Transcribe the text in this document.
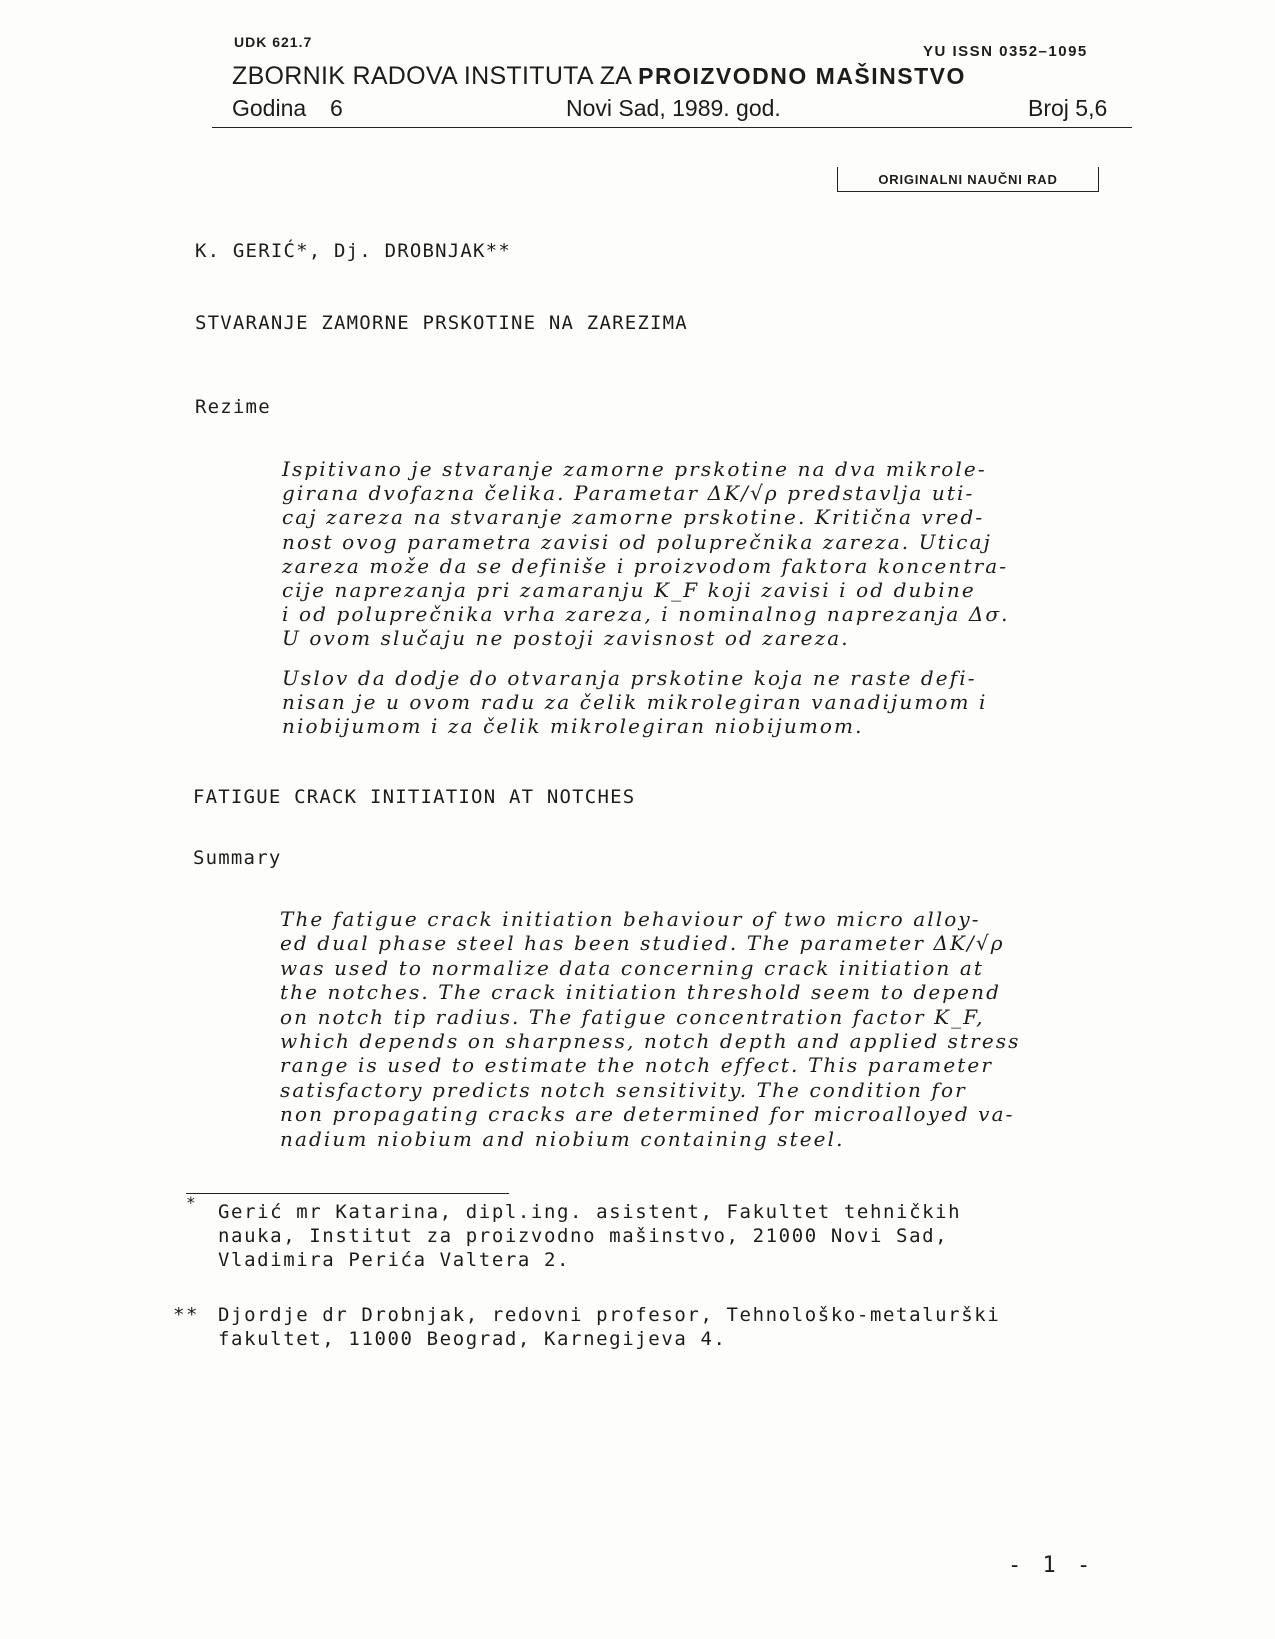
UDK 621.7
YU ISSN 0352–1095
ZBORNIK RADOVA INSTITUTA ZA PROIZVODNO MAŠINSTVO
Godina 6	Novi Sad, 1989. god.	Broj 5,6
ORIGINALNI NAUČNI RAD
K. GERIĆ*, Dj. DROBNJAK**
STVARANJE ZAMORNE PRSKOTINE NA ZAREZIMA
Rezime
Ispitivano je stvaranje zamorne prskotine na dva mikrole-
girana dvofazna čelika. Parametar ΔK/√ρ predstavlja uti-
caj zareza na stvaranje zamorne prskotine. Kritična vred-
nost ovog parametra zavisi od poluprečnika zareza. Uticaj
zareza može da se definiše i proizvodom faktora koncentra-
cije naprezanja pri zamaranju K_F koji zavisi i od dubine
i od poluprečnika vrha zareza, i nominalnog naprezanja Δσ.
U ovom slučaju ne postoji zavisnost od zareza.
Uslov da dodje do otvaranja prskotine koja ne raste defi-
nisan je u ovom radu za čelik mikrolegiran vanadijumom i
niobijumom i za čelik mikrolegiran niobijumom.
FATIGUE CRACK INITIATION AT NOTCHES
Summary
The fatigue crack initiation behaviour of two micro alloy-
ed dual phase steel has been studied. The parameter ΔK/√ρ
was used to normalize data concerning crack initiation at
the notches. The crack initiation threshold seem to depend
on notch tip radius. The fatigue concentration factor K_F,
which depends on sharpness, notch depth and applied stress
range is used to estimate the notch effect. This parameter
satisfactory predicts notch sensitivity. The condition for
non propagating cracks are determined for microalloyed va-
nadium niobium and niobium containing steel.
* Gerić mr Katarina, dipl.ing. asistent, Fakultet tehničkih
nauka, Institut za proizvodno mašinstvo, 21000 Novi Sad,
Vladimira Perića Valtera 2.
** Djordje dr Drobnjak, redovni profesor, Tehnološko-metalurški
fakultet, 11000 Beograd, Karnegijeva 4.
- 1 -
